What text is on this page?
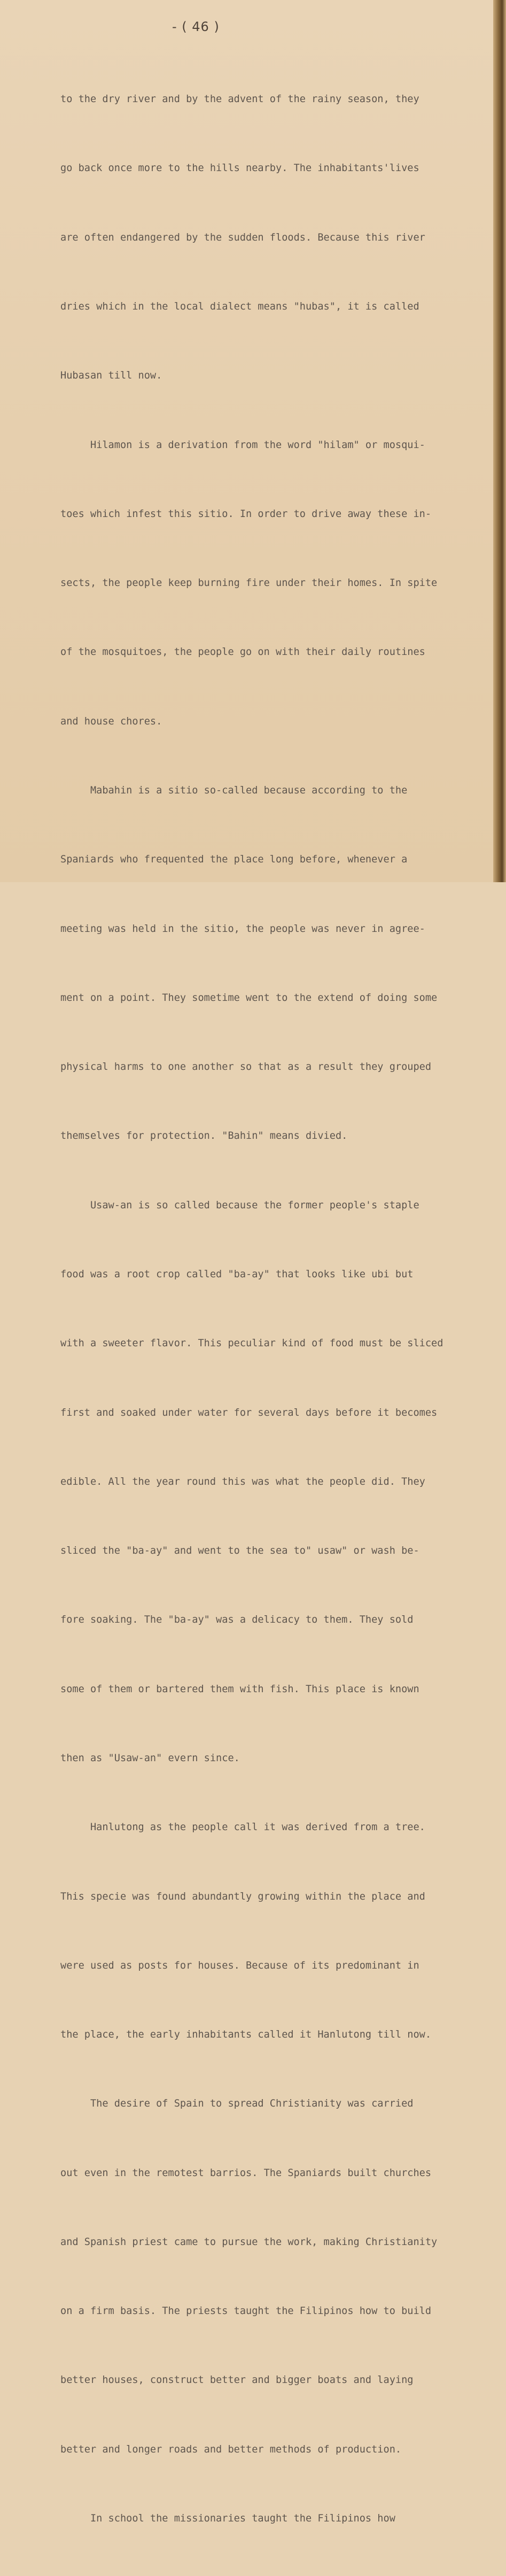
- ( 46 )

to the dry river and by the advent of the rainy season, they

go back once more to the hills nearby. The inhabitants'lives

are often endangered by the sudden floods. Because this river

dries which in the local dialect means "hubas", it is called

Hubasan till now.

Hilamon is a derivation from the word "hilam" or mosqui-

toes which infest this sitio. In order to drive away these in-

sects, the people keep burning fire under their homes. In spite

of the mosquitoes, the people go on with their daily routines

and house chores.

Mabahin is a sitio so-called because according to the

Spaniards who frequented the place long before, whenever a

meeting was held in the sitio, the people was never in agree-

ment on a point. They sometime went to the extend of doing some

physical harms to one another so that as a result they grouped

themselves for protection. "Bahin" means divied.

Usaw-an is so called because the former people's staple

food was a root crop called "ba-ay" that looks like ubi but

with a sweeter flavor. This peculiar kind of food must be sliced

first and soaked under water for several days before it becomes

edible. All the year round this was what the people did. They

sliced the "ba-ay" and went to the sea to" usaw" or wash be-

fore soaking. The "ba-ay" was a delicacy to them. They sold

some of them or bartered them with fish. This place is known

then as "Usaw-an" evern since.

Hanlutong as the people call it was derived from a tree.

This specie was found abundantly growing within the place and

were used as posts for houses. Because of its predominant in

the place, the early inhabitants called it Hanlutong till now.

The desire of Spain to spread Christianity was carried

out even in the remotest barrios. The Spaniards built churches

and Spanish priest came to pursue the work, making Christianity

on a firm basis. The priests taught the Filipinos how to build

better houses, construct better and bigger boats and laying

better and longer roads and better methods of production.

In school the missionaries taught the Filipinos how
